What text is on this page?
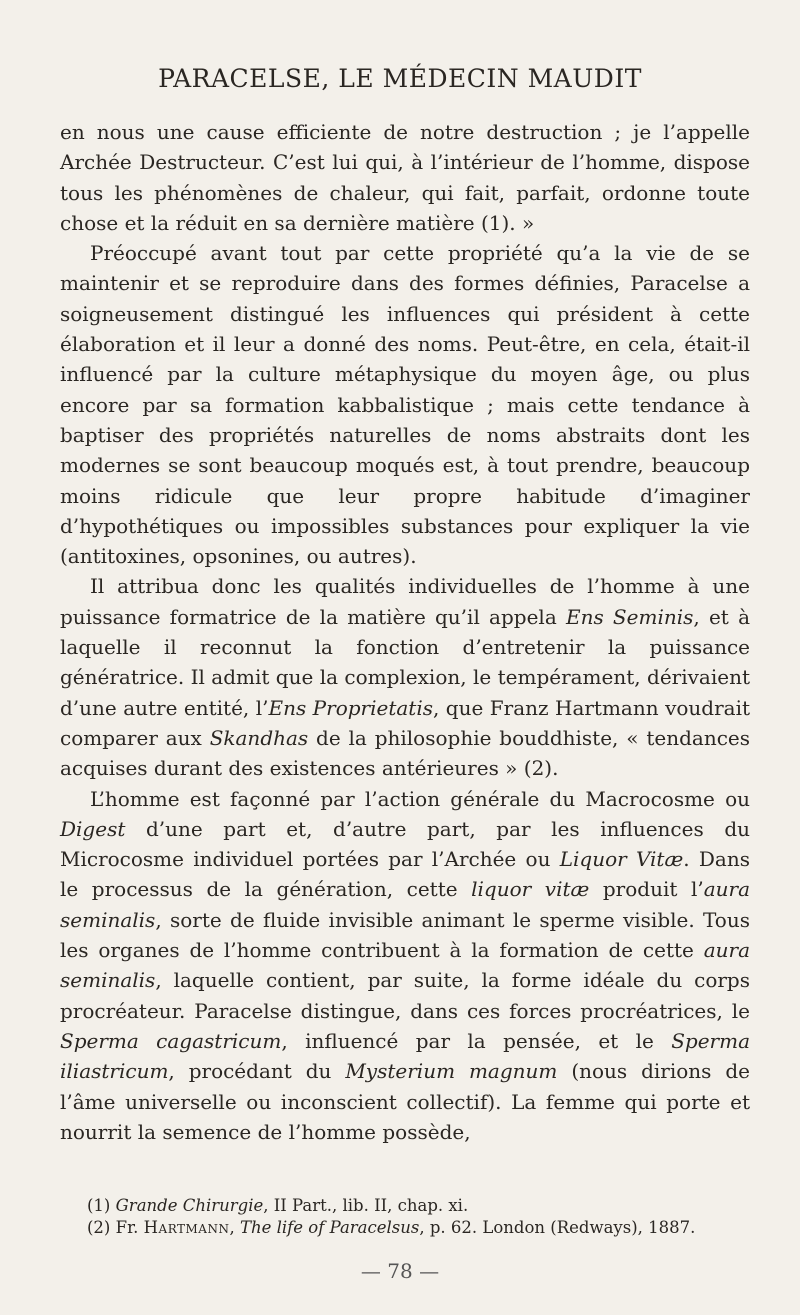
PARACELSE, LE MÉDECIN MAUDIT

en nous une cause efficiente de notre destruction ; je l’appelle Archée Destructeur. C’est lui qui, à l’intérieur de l’homme, dispose tous les phénomènes de chaleur, qui fait, parfait, ordonne toute chose et la réduit en sa dernière matière (1). »

Préoccupé avant tout par cette propriété qu’a la vie de se maintenir et se reproduire dans des formes définies, Paracelse a soigneusement distingué les influences qui président à cette élaboration et il leur a donné des noms. Peut-être, en cela, était-il influencé par la culture métaphysique du moyen âge, ou plus encore par sa formation kabbalistique ; mais cette tendance à baptiser des propriétés naturelles de noms abstraits dont les modernes se sont beaucoup moqués est, à tout prendre, beaucoup moins ridicule que leur propre habitude d’imaginer d’hypothétiques ou impossibles substances pour expliquer la vie (antitoxines, opsonines, ou autres).

Il attribua donc les qualités individuelles de l’homme à une puissance formatrice de la matière qu’il appela Ens Seminis, et à laquelle il reconnut la fonction d’entretenir la puissance génératrice. Il admit que la complexion, le tempérament, dérivaient d’une autre entité, l’Ens Proprietatis, que Franz Hartmann voudrait comparer aux Skandhas de la philosophie bouddhiste, « tendances acquises durant des existences antérieures » (2).

L’homme est façonné par l’action générale du Macrocosme ou Digest d’une part et, d’autre part, par les influences du Microcosme individuel portées par l’Archée ou Liquor Vitæ. Dans le processus de la génération, cette liquor vitæ produit l’aura seminalis, sorte de fluide invisible animant le sperme visible. Tous les organes de l’homme contribuent à la formation de cette aura seminalis, laquelle contient, par suite, la forme idéale du corps procréateur. Paracelse distingue, dans ces forces procréatrices, le Sperma cagastricum, influencé par la pensée, et le Sperma iliastricum, procédant du Mysterium magnum (nous dirions de l’âme universelle ou inconscient collectif). La femme qui porte et nourrit la semence de l’homme possède,

(1) Grande Chirurgie, II Part., lib. II, chap. xi.

(2) Fr. Hartmann, The life of Paracelsus, p. 62. London (Redways), 1887.

— 78 —
